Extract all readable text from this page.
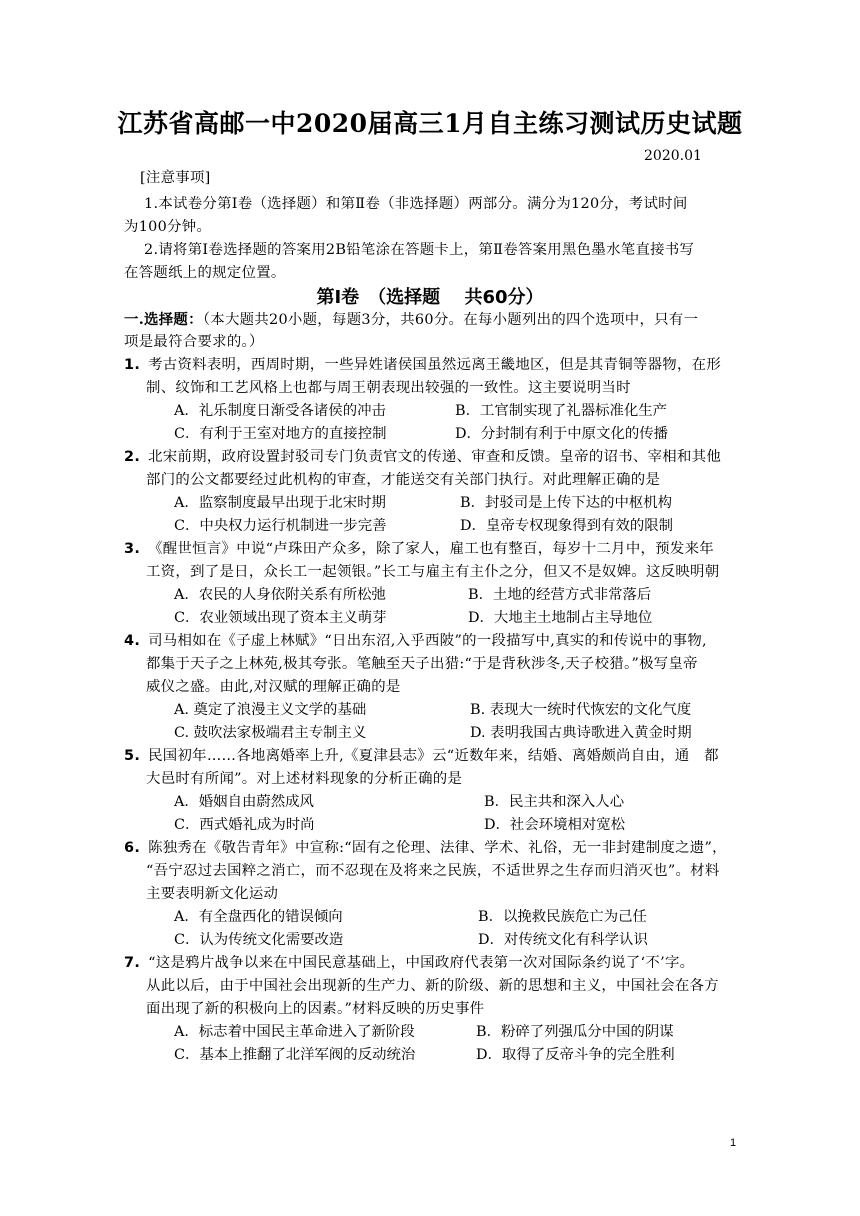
江苏省高邮一中2020届高三1月自主练习测试历史试题
2020.01
[注意事项]
1.本试卷分第Ⅰ卷（选择题）和第Ⅱ卷（非选择题）两部分。满分为120分，考试时间
为100分钟。
2.请将第Ⅰ卷选择题的答案用2B铅笔涂在答题卡上，第Ⅱ卷答案用黑色墨水笔直接书写
在答题纸上的规定位置。
第Ⅰ卷　（选择题　 共60分）
一.选择题：（本大题共20小题，每题3分，共60分。在每小题列出的四个选项中，只有一
项是最符合要求的。）
1. 考古资料表明，西周时期，一些异姓诸侯国虽然远离王畿地区，但是其青铜等器物，在形
制、纹饰和工艺风格上也都与周王朝表现出较强的一致性。这主要说明当时
A．礼乐制度日渐受各诸侯的冲击	B．工官制实现了礼器标准化生产
C．有利于王室对地方的直接控制	D．分封制有利于中原文化的传播
2. 北宋前期，政府设置封驳司专门负责官文的传递、审查和反馈。皇帝的诏书、宰相和其他
部门的公文都要经过此机构的审查，才能送交有关部门执行。对此理解正确的是
A．监察制度最早出现于北宋时期	B．封驳司是上传下达的中枢机构
C．中央权力运行机制进一步完善	D．皇帝专权现象得到有效的限制
3. 《醒世恒言》中说“卢珠田产众多，除了家人，雇工也有整百，每岁十二月中，预发来年
工资，到了是日，众长工一起领银。”长工与雇主有主仆之分，但又不是奴婢。这反映明朝
A．农民的人身依附关系有所松弛	B．土地的经营方式非常落后
C．农业领域出现了资本主义萌芽	D．大地主土地制占主导地位
4. 司马相如在《子虚上林赋》“日出东沼,入乎西陂”的一段描写中,真实的和传说中的事物,
都集于天子之上林苑,极其夸张。笔触至天子出猎:“于是背秋涉冬,天子校猎。”极写皇帝
威仪之盛。由此,对汉赋的理解正确的是
A. 奠定了浪漫主义文学的基础	B. 表现大一统时代恢宏的文化气度
C. 鼓吹法家极端君主专制主义	D. 表明我国古典诗歌进入黄金时期
5. 民国初年……各地离婚率上升,《夏津县志》云“近数年来，结婚、离婚颇尚自由，通　都
大邑时有所闻”。对上述材料现象的分析正确的是
A．婚姻自由蔚然成风	B．民主共和深入人心
C．西式婚礼成为时尚	D．社会环境相对宽松
6. 陈独秀在《敬告青年》中宣称:“固有之伦理、法律、学术、礼俗，无一非封建制度之遗”，
“吾宁忍过去国粹之消亡，而不忍现在及将来之民族，不适世界之生存而归消灭也”。材料
主要表明新文化运动
A．有全盘西化的错误倾向	B．以挽救民族危亡为己任
C．认为传统文化需要改造	D．对传统文化有科学认识
7. “这是鸦片战争以来在中国民意基础上，中国政府代表第一次对国际条约说了‘不’字。
从此以后，由于中国社会出现新的生产力、新的阶级、新的思想和主义，中国社会在各方
面出现了新的积极向上的因素。”材料反映的历史事件
A．标志着中国民主革命进入了新阶段	B．粉碎了列强瓜分中国的阴谋
C．基本上推翻了北洋军阀的反动统治	D．取得了反帝斗争的完全胜利
1
